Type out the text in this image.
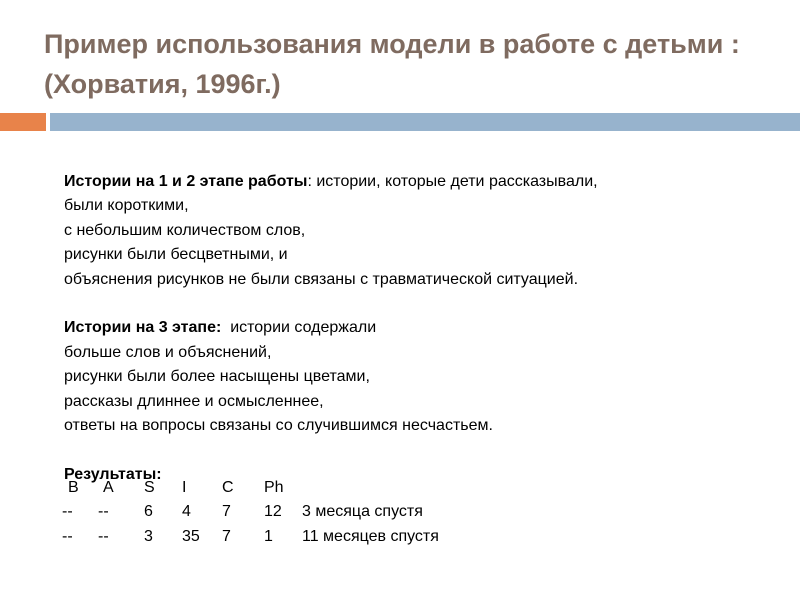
Пример использования модели в работе с детьми : (Хорватия, 1996г.)
Истории на 1 и 2 этапе работы: истории, которые дети рассказывали,
были короткими,
с небольшим количеством слов,
рисунки были бесцветными, и
объяснения рисунков не были связаны с травматической ситуацией.
Истории на 3 этапе:  истории содержали
больше слов и объяснений,
рисунки были более насыщены цветами,
рассказы длиннее и осмысленнее,
ответы на вопросы связаны со случившимся несчастьем.
Результаты:
B A S I C Ph
-- -- 6 4 7 12 3 месяца спустя
-- -- 3 35 7 1 11 месяцев спустя
